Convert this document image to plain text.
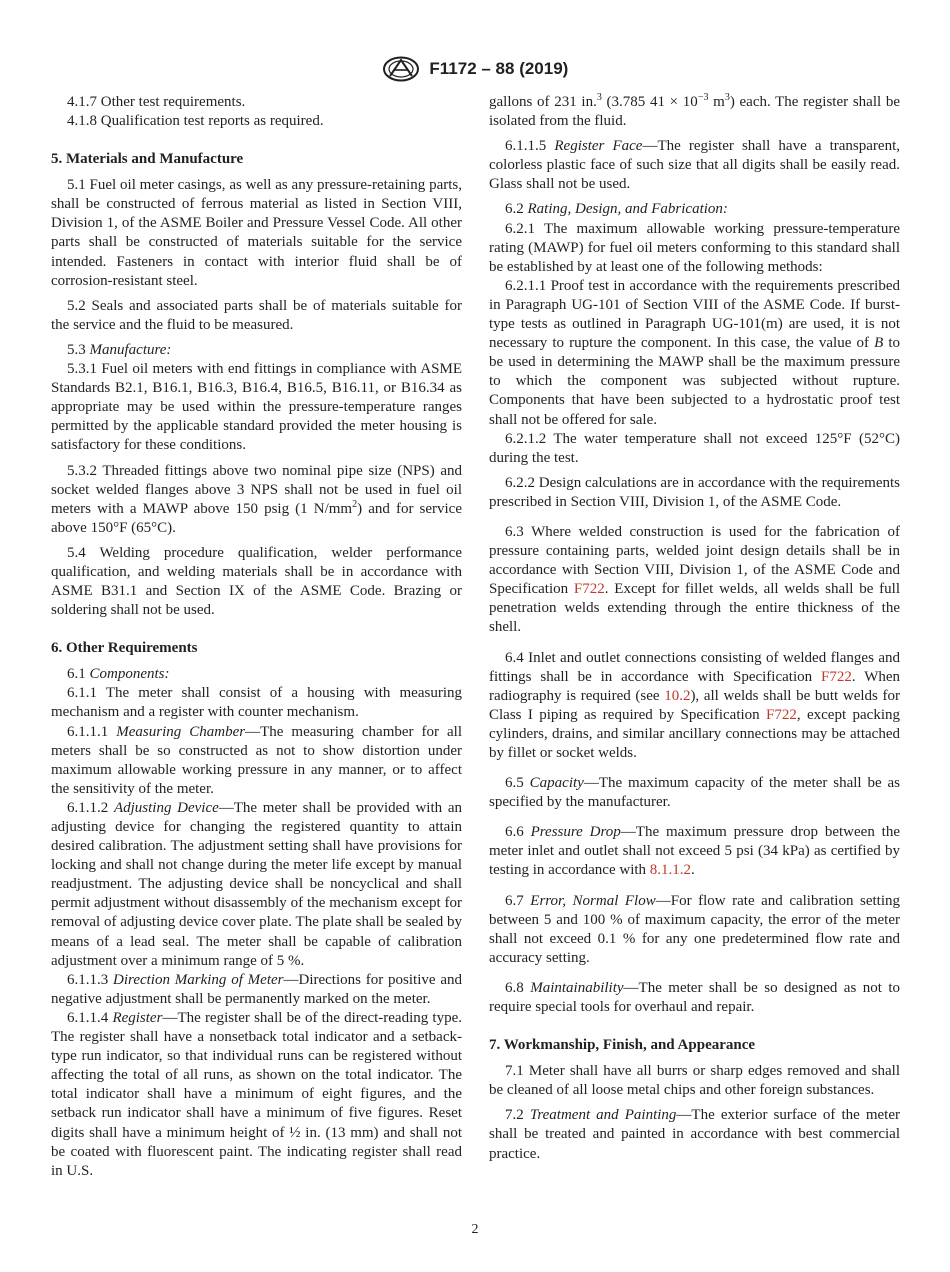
F1172 – 88 (2019)

4.1.7 Other test requirements.

4.1.8 Qualification test reports as required.

5. Materials and Manufacture

5.1 Fuel oil meter casings, as well as any pressure-retaining parts, shall be constructed of ferrous material as listed in Section VIII, Division 1, of the ASME Boiler and Pressure Vessel Code. All other parts shall be constructed of materials suitable for the service intended. Fasteners in contact with interior fluid shall be of corrosion-resistant steel.

5.2 Seals and associated parts shall be of materials suitable for the service and the fluid to be measured.

5.3 Manufacture:

5.3.1 Fuel oil meters with end fittings in compliance with ASME Standards B2.1, B16.1, B16.3, B16.4, B16.5, B16.11, or B16.34 as appropriate may be used within the pressure-temperature ranges permitted by the applicable standard provided the meter housing is satisfactory for these conditions.

5.3.2 Threaded fittings above two nominal pipe size (NPS) and socket welded flanges above 3 NPS shall not be used in fuel oil meters with a MAWP above 150 psig (1 $N/mm^2$) and for service above 150°F (65°C).

5.4 Welding procedure qualification, welder performance qualification, and welding materials shall be in accordance with ASME B31.1 and Section IX of the ASME Code. Brazing or soldering shall not be used.

6. Other Requirements

6.1 Components:

6.1.1 The meter shall consist of a housing with measuring mechanism and a register with counter mechanism.

6.1.1.1 Measuring Chamber—The measuring chamber for all meters shall be so constructed as not to show distortion under maximum allowable working pressure in any manner, or to affect the sensitivity of the meter.

6.1.1.2 Adjusting Device—The meter shall be provided with an adjusting device for changing the registered quantity to attain desired calibration. The adjustment setting shall have provisions for locking and shall not change during the meter life except by manual readjustment. The adjusting device shall be noncyclical and shall permit adjustment without disassembly of the mechanism except for removal of adjusting device cover plate. The plate shall be sealed by means of a lead seal. The meter shall be capable of calibration adjustment over a minimum range of 5 %.

6.1.1.3 Direction Marking of Meter—Directions for positive and negative adjustment shall be permanently marked on the meter.

6.1.1.4 Register—The register shall be of the direct-reading type. The register shall have a nonsetback total indicator and a setback-type run indicator, so that individual runs can be registered without affecting the total of all runs, as shown on the total indicator. The total indicator shall have a minimum of eight figures, and the setback run indicator shall have a minimum of five figures. Reset digits shall have a minimum height of ½ in. (13 mm) and shall not be coated with fluorescent paint. The indicating register shall read in U.S.

gallons of 231 in.$^3$ (3.785 $41 \times 10^{-3}$ $m^3$) each. The register shall be isolated from the fluid.

6.1.1.5 Register Face—The register shall have a transparent, colorless plastic face of such size that all digits shall be easily read. Glass shall not be used.

6.2 Rating, Design, and Fabrication:

6.2.1 The maximum allowable working pressure-temperature rating (MAWP) for fuel oil meters conforming to this standard shall be established by at least one of the following methods:

6.2.1.1 Proof test in accordance with the requirements prescribed in Paragraph UG-101 of Section VIII of the ASME Code. If burst-type tests as outlined in Paragraph UG-101(m) are used, it is not necessary to rupture the component. In this case, the value of B to be used in determining the MAWP shall be the maximum pressure to which the component was subjected without rupture. Components that have been subjected to a hydrostatic proof test shall not be offered for sale.

6.2.1.2 The water temperature shall not exceed 125°F (52°C) during the test.

6.2.2 Design calculations are in accordance with the requirements prescribed in Section VIII, Division 1, of the ASME Code.

6.3 Where welded construction is used for the fabrication of pressure containing parts, welded joint design details shall be in accordance with Section VIII, Division 1, of the ASME Code and Specification F722. Except for fillet welds, all welds shall be full penetration welds extending through the entire thickness of the shell.

6.4 Inlet and outlet connections consisting of welded flanges and fittings shall be in accordance with Specification F722. When radiography is required (see 10.2), all welds shall be butt welds for Class I piping as required by Specification F722, except packing cylinders, drains, and similar ancillary connections may be attached by fillet or socket welds.

6.5 Capacity—The maximum capacity of the meter shall be as specified by the manufacturer.

6.6 Pressure Drop—The maximum pressure drop between the meter inlet and outlet shall not exceed 5 psi (34 kPa) as certified by testing in accordance with 8.1.1.2.

6.7 Error, Normal Flow—For flow rate and calibration setting between 5 and 100 % of maximum capacity, the error of the meter shall not exceed 0.1 % for any one predetermined flow rate and accuracy setting.

6.8 Maintainability—The meter shall be so designed as not to require special tools for overhaul and repair.

7. Workmanship, Finish, and Appearance

7.1 Meter shall have all burrs or sharp edges removed and shall be cleaned of all loose metal chips and other foreign substances.

7.2 Treatment and Painting—The exterior surface of the meter shall be treated and painted in accordance with best commercial practice.

2
